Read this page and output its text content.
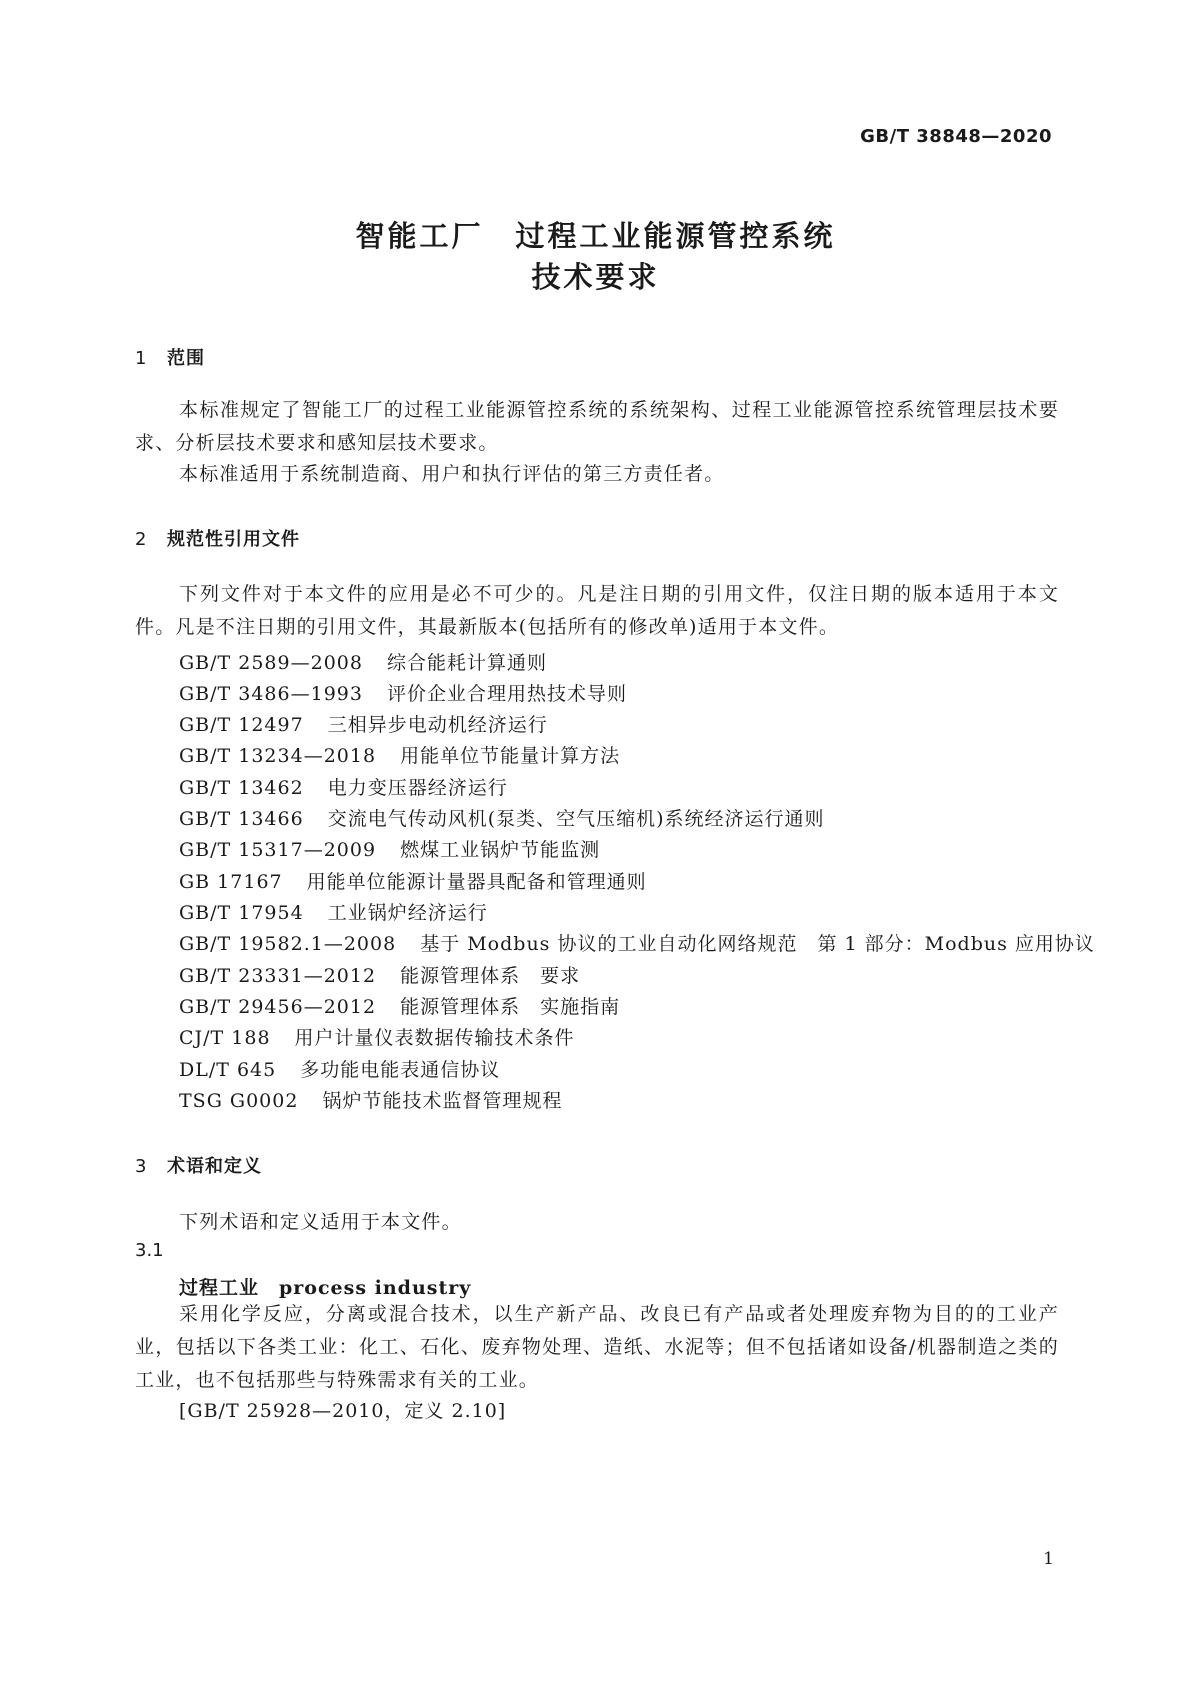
GB/T 38848—2020
智能工厂　过程工业能源管控系统
技术要求
1 范围
本标准规定了智能工厂的过程工业能源管控系统的系统架构、过程工业能源管控系统管理层技术要求、分析层技术要求和感知层技术要求。
本标准适用于系统制造商、用户和执行评估的第三方责任者。
2 规范性引用文件
下列文件对于本文件的应用是必不可少的。凡是注日期的引用文件，仅注日期的版本适用于本文件。凡是不注日期的引用文件，其最新版本(包括所有的修改单)适用于本文件。
GB/T 2589—2008 综合能耗计算通则
GB/T 3486—1993 评价企业合理用热技术导则
GB/T 12497 三相异步电动机经济运行
GB/T 13234—2018 用能单位节能量计算方法
GB/T 13462 电力变压器经济运行
GB/T 13466 交流电气传动风机(泵类、空气压缩机)系统经济运行通则
GB/T 15317—2009 燃煤工业锅炉节能监测
GB 17167 用能单位能源计量器具配备和管理通则
GB/T 17954 工业锅炉经济运行
GB/T 19582.1—2008 基于 Modbus 协议的工业自动化网络规范　第 1 部分：Modbus 应用协议
GB/T 23331—2012 能源管理体系　要求
GB/T 29456—2012 能源管理体系　实施指南
CJ/T 188 用户计量仪表数据传输技术条件
DL/T 645 多功能电能表通信协议
TSG G0002 锅炉节能技术监督管理规程
3 术语和定义
下列术语和定义适用于本文件。
3.1
过程工业 process industry
采用化学反应，分离或混合技术，以生产新产品、改良已有产品或者处理废弃物为目的的工业产业，包括以下各类工业：化工、石化、废弃物处理、造纸、水泥等；但不包括诸如设备/机器制造之类的工业，也不包括那些与特殊需求有关的工业。
[GB/T 25928—2010，定义 2.10]
1
